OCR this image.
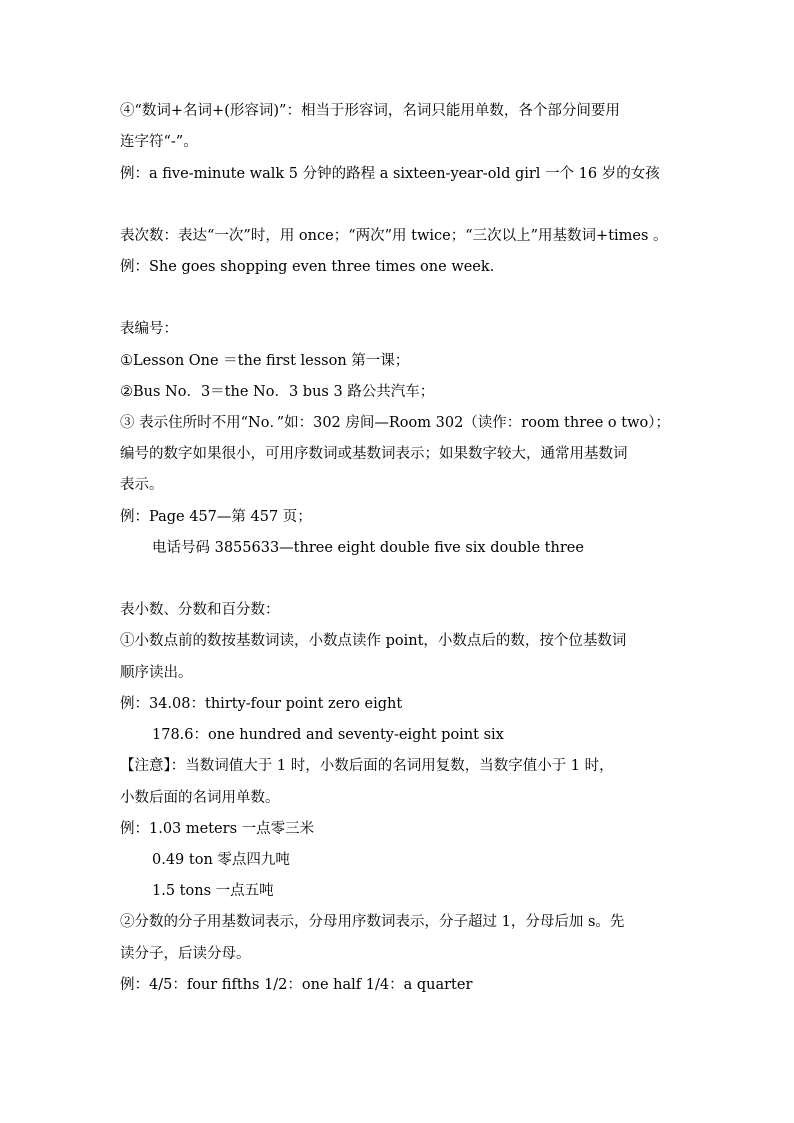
④“数词+名词+(形容词)”：相当于形容词，名词只能用单数，各个部分间要用
连字符“-”。
例：a five-minute walk 5 分钟的路程 a sixteen-year-old girl 一个 16 岁的女孩
表次数：表达“一次”时，用 once；“两次”用 twice；“三次以上”用基数词+times 。
例：She goes shopping even three times one week.
表编号：
①Lesson One ＝the first lesson 第一课；
②Bus No．3＝the No．3 bus 3 路公共汽车；
③ 表示住所时不用“No．”如：302 房间—Room 302（读作：room three o two）；
编号的数字如果很小，可用序数词或基数词表示；如果数字较大，通常用基数词
表示。
例：Page 457—第 457 页；
电话号码 3855633—three eight double five six double three
表小数、分数和百分数：
①小数点前的数按基数词读，小数点读作 point，小数点后的数，按个位基数词
顺序读出。
例：34.08：thirty-four point zero eight
178.6：one hundred and seventy-eight point six
【注意】：当数词值大于 1 时，小数后面的名词用复数，当数字值小于 1 时，
小数后面的名词用单数。
例：1.03 meters 一点零三米
0.49 ton 零点四九吨
1.5 tons 一点五吨
②分数的分子用基数词表示，分母用序数词表示，分子超过 1，分母后加 s。先
读分子，后读分母。
例：4/5：four fifths 1/2：one half 1/4：a quarter
